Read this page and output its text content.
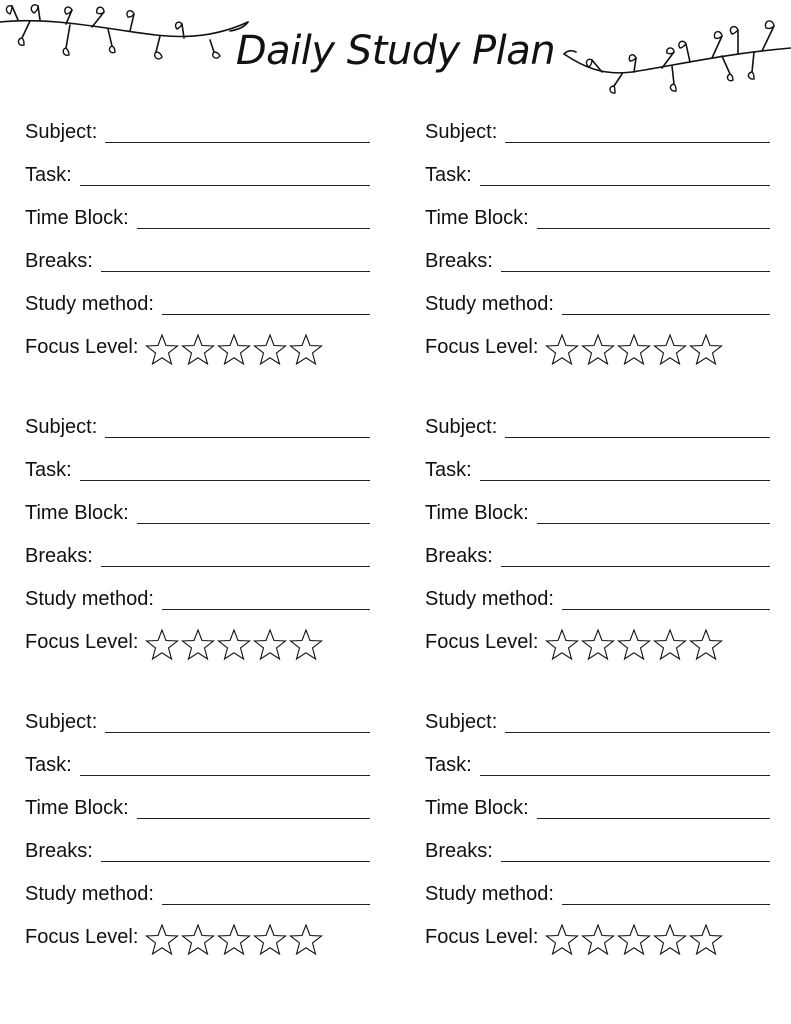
Daily Study Plan
Subject:
Task:
Time Block:
Breaks:
Study method:
Focus Level:
Subject:
Task:
Time Block:
Breaks:
Study method:
Focus Level:
Subject:
Task:
Time Block:
Breaks:
Study method:
Focus Level:
Subject:
Task:
Time Block:
Breaks:
Study method:
Focus Level:
Subject:
Task:
Time Block:
Breaks:
Study method:
Focus Level:
Subject:
Task:
Time Block:
Breaks:
Study method:
Focus Level:
